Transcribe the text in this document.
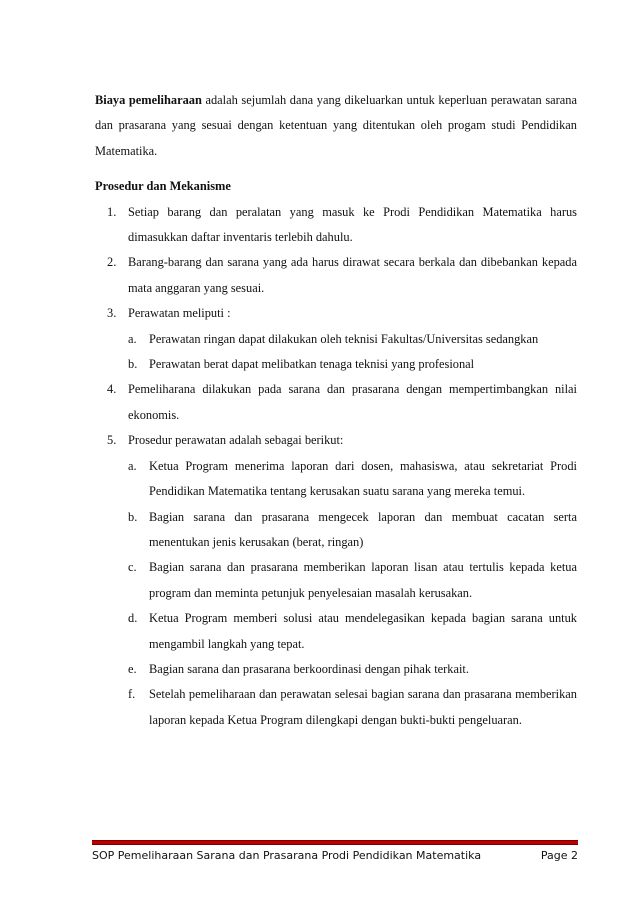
Biaya pemeliharaan adalah sejumlah dana yang dikeluarkan untuk keperluan perawatan sarana dan prasarana yang sesuai dengan ketentuan yang ditentukan oleh progam studi Pendidikan Matematika.

Prosedur dan Mekanisme

1. Setiap barang dan peralatan yang masuk ke Prodi Pendidikan Matematika harus dimasukkan daftar inventaris terlebih dahulu.
2. Barang-barang dan sarana yang ada harus dirawat secara berkala dan dibebankan kepada mata anggaran yang sesuai.
3. Perawatan meliputi :
a. Perawatan ringan dapat dilakukan oleh teknisi Fakultas/Universitas sedangkan
b. Perawatan berat dapat melibatkan tenaga teknisi yang profesional
4. Pemeliharana dilakukan pada sarana dan prasarana dengan mempertimbangkan nilai ekonomis.
5. Prosedur perawatan adalah sebagai berikut:
a. Ketua Program menerima laporan dari dosen, mahasiswa, atau sekretariat Prodi Pendidikan Matematika tentang kerusakan suatu sarana yang mereka temui.
b. Bagian sarana dan prasarana mengecek laporan dan membuat cacatan serta menentukan jenis kerusakan (berat, ringan)
c. Bagian sarana dan prasarana memberikan laporan lisan atau tertulis kepada ketua program dan meminta petunjuk penyelesaian masalah kerusakan.
d. Ketua Program memberi solusi atau mendelegasikan kepada bagian sarana untuk mengambil langkah yang tepat.
e. Bagian sarana dan prasarana berkoordinasi dengan pihak terkait.
f. Setelah pemeliharaan dan perawatan selesai bagian sarana dan prasarana memberikan laporan kepada Ketua Program dilengkapi dengan bukti-bukti pengeluaran.
SOP Pemeliharaan Sarana dan Prasarana Prodi Pendidikan Matematika	Page 2
